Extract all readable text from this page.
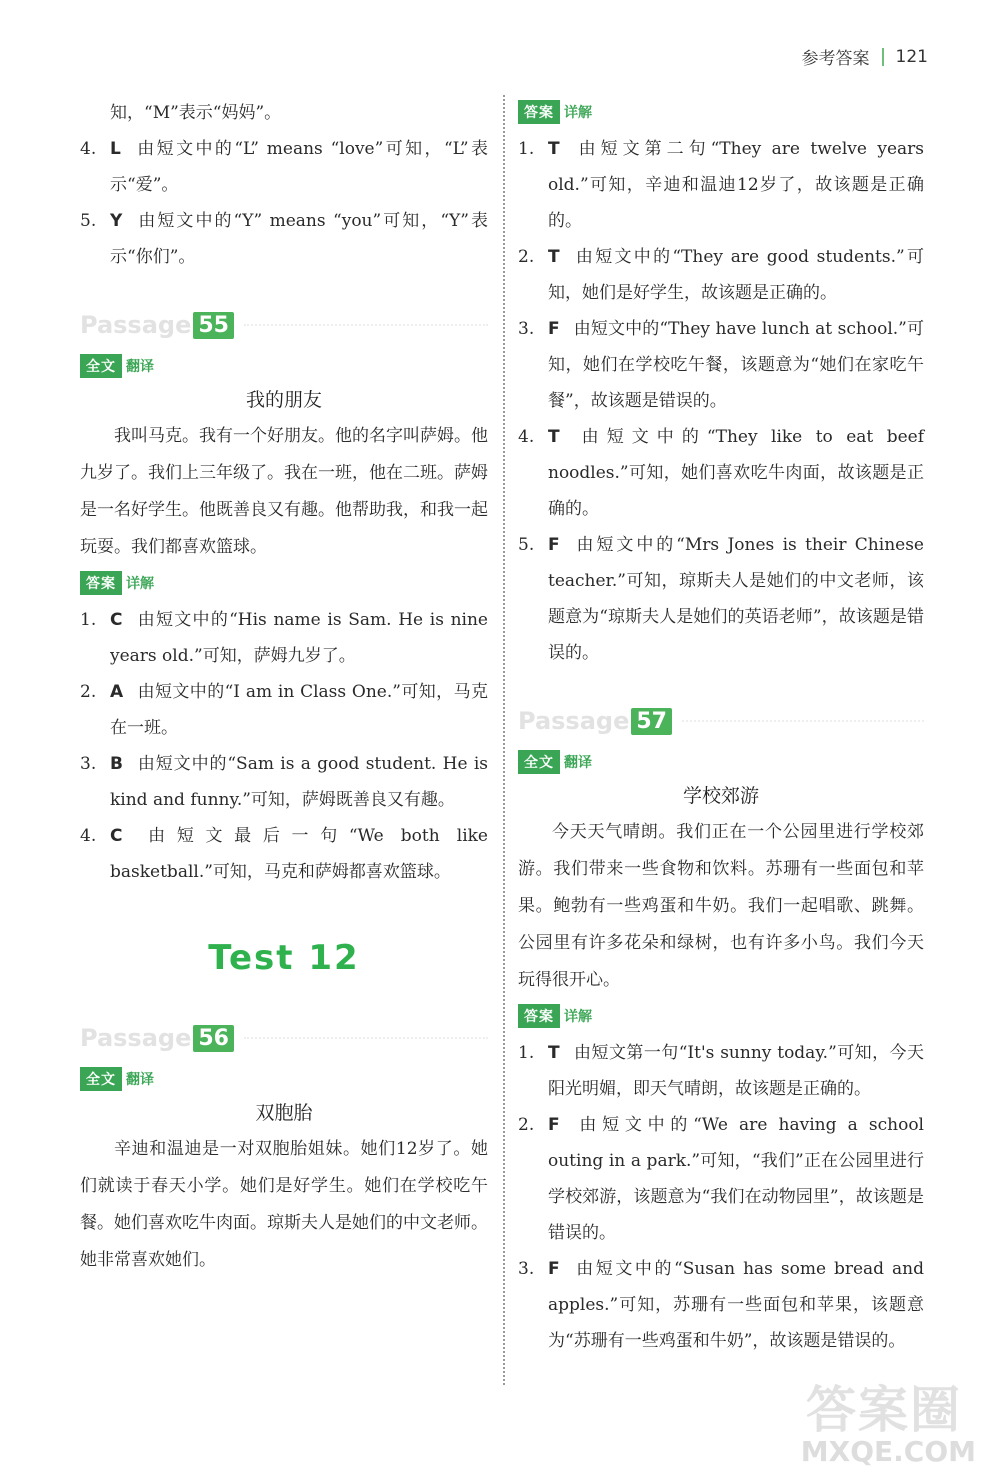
参考答案 121
知，“M”表示“妈妈”。
4. L 由短文中的“L” means “love”可知，“L”表示“爱”。
5. Y 由短文中的“Y” means “you”可知，“Y”表示“你们”。
Passage 55
全文 翻译
我的朋友
我叫马克。我有一个好朋友。他的名字叫萨姆。他九岁了。我们上三年级了。我在一班，他在二班。萨姆是一名好学生。他既善良又有趣。他帮助我，和我一起玩耍。我们都喜欢篮球。
答案 详解
1. C 由短文中的“His name is Sam. He is nine years old.”可知，萨姆九岁了。
2. A 由短文中的“I am in Class One.”可知，马克在一班。
3. B 由短文中的“Sam is a good student. He is kind and funny.”可知，萨姆既善良又有趣。
4. C 由短文最后一句“We both like basketball.”可知，马克和萨姆都喜欢篮球。
Test 12
Passage 56
全文 翻译
双胞胎
辛迪和温迪是一对双胞胎姐妹。她们12岁了。她们就读于春天小学。她们是好学生。她们在学校吃午餐。她们喜欢吃牛肉面。琼斯夫人是她们的中文老师。她非常喜欢她们。
答案 详解
1. T 由短文第二句“They are twelve years old.”可知，辛迪和温迪12岁了，故该题是正确的。
2. T 由短文中的“They are good students.”可知，她们是好学生，故该题是正确的。
3. F 由短文中的“They have lunch at school.”可知，她们在学校吃午餐，该题意为“她们在家吃午餐”，故该题是错误的。
4. T 由短文中的“They like to eat beef noodles.”可知，她们喜欢吃牛肉面，故该题是正确的。
5. F 由短文中的“Mrs Jones is their Chinese teacher.”可知，琼斯夫人是她们的中文老师，该题意为“琼斯夫人是她们的英语老师”，故该题是错误的。
Passage 57
全文 翻译
学校郊游
今天天气晴朗。我们正在一个公园里进行学校郊游。我们带来一些食物和饮料。苏珊有一些面包和苹果。鲍勃有一些鸡蛋和牛奶。我们一起唱歌、跳舞。公园里有许多花朵和绿树，也有许多小鸟。我们今天玩得很开心。
答案 详解
1. T 由短文第一句“It's sunny today.”可知，今天阳光明媚，即天气晴朗，故该题是正确的。
2. F 由短文中的“We are having a school outing in a park.”可知，“我们”正在公园里进行学校郊游，该题意为“我们在动物园里”，故该题是错误的。
3. F 由短文中的“Susan has some bread and apples.”可知，苏珊有一些面包和苹果，该题意为“苏珊有一些鸡蛋和牛奶”，故该题是错误的。
答案圈
MXQE.COM
